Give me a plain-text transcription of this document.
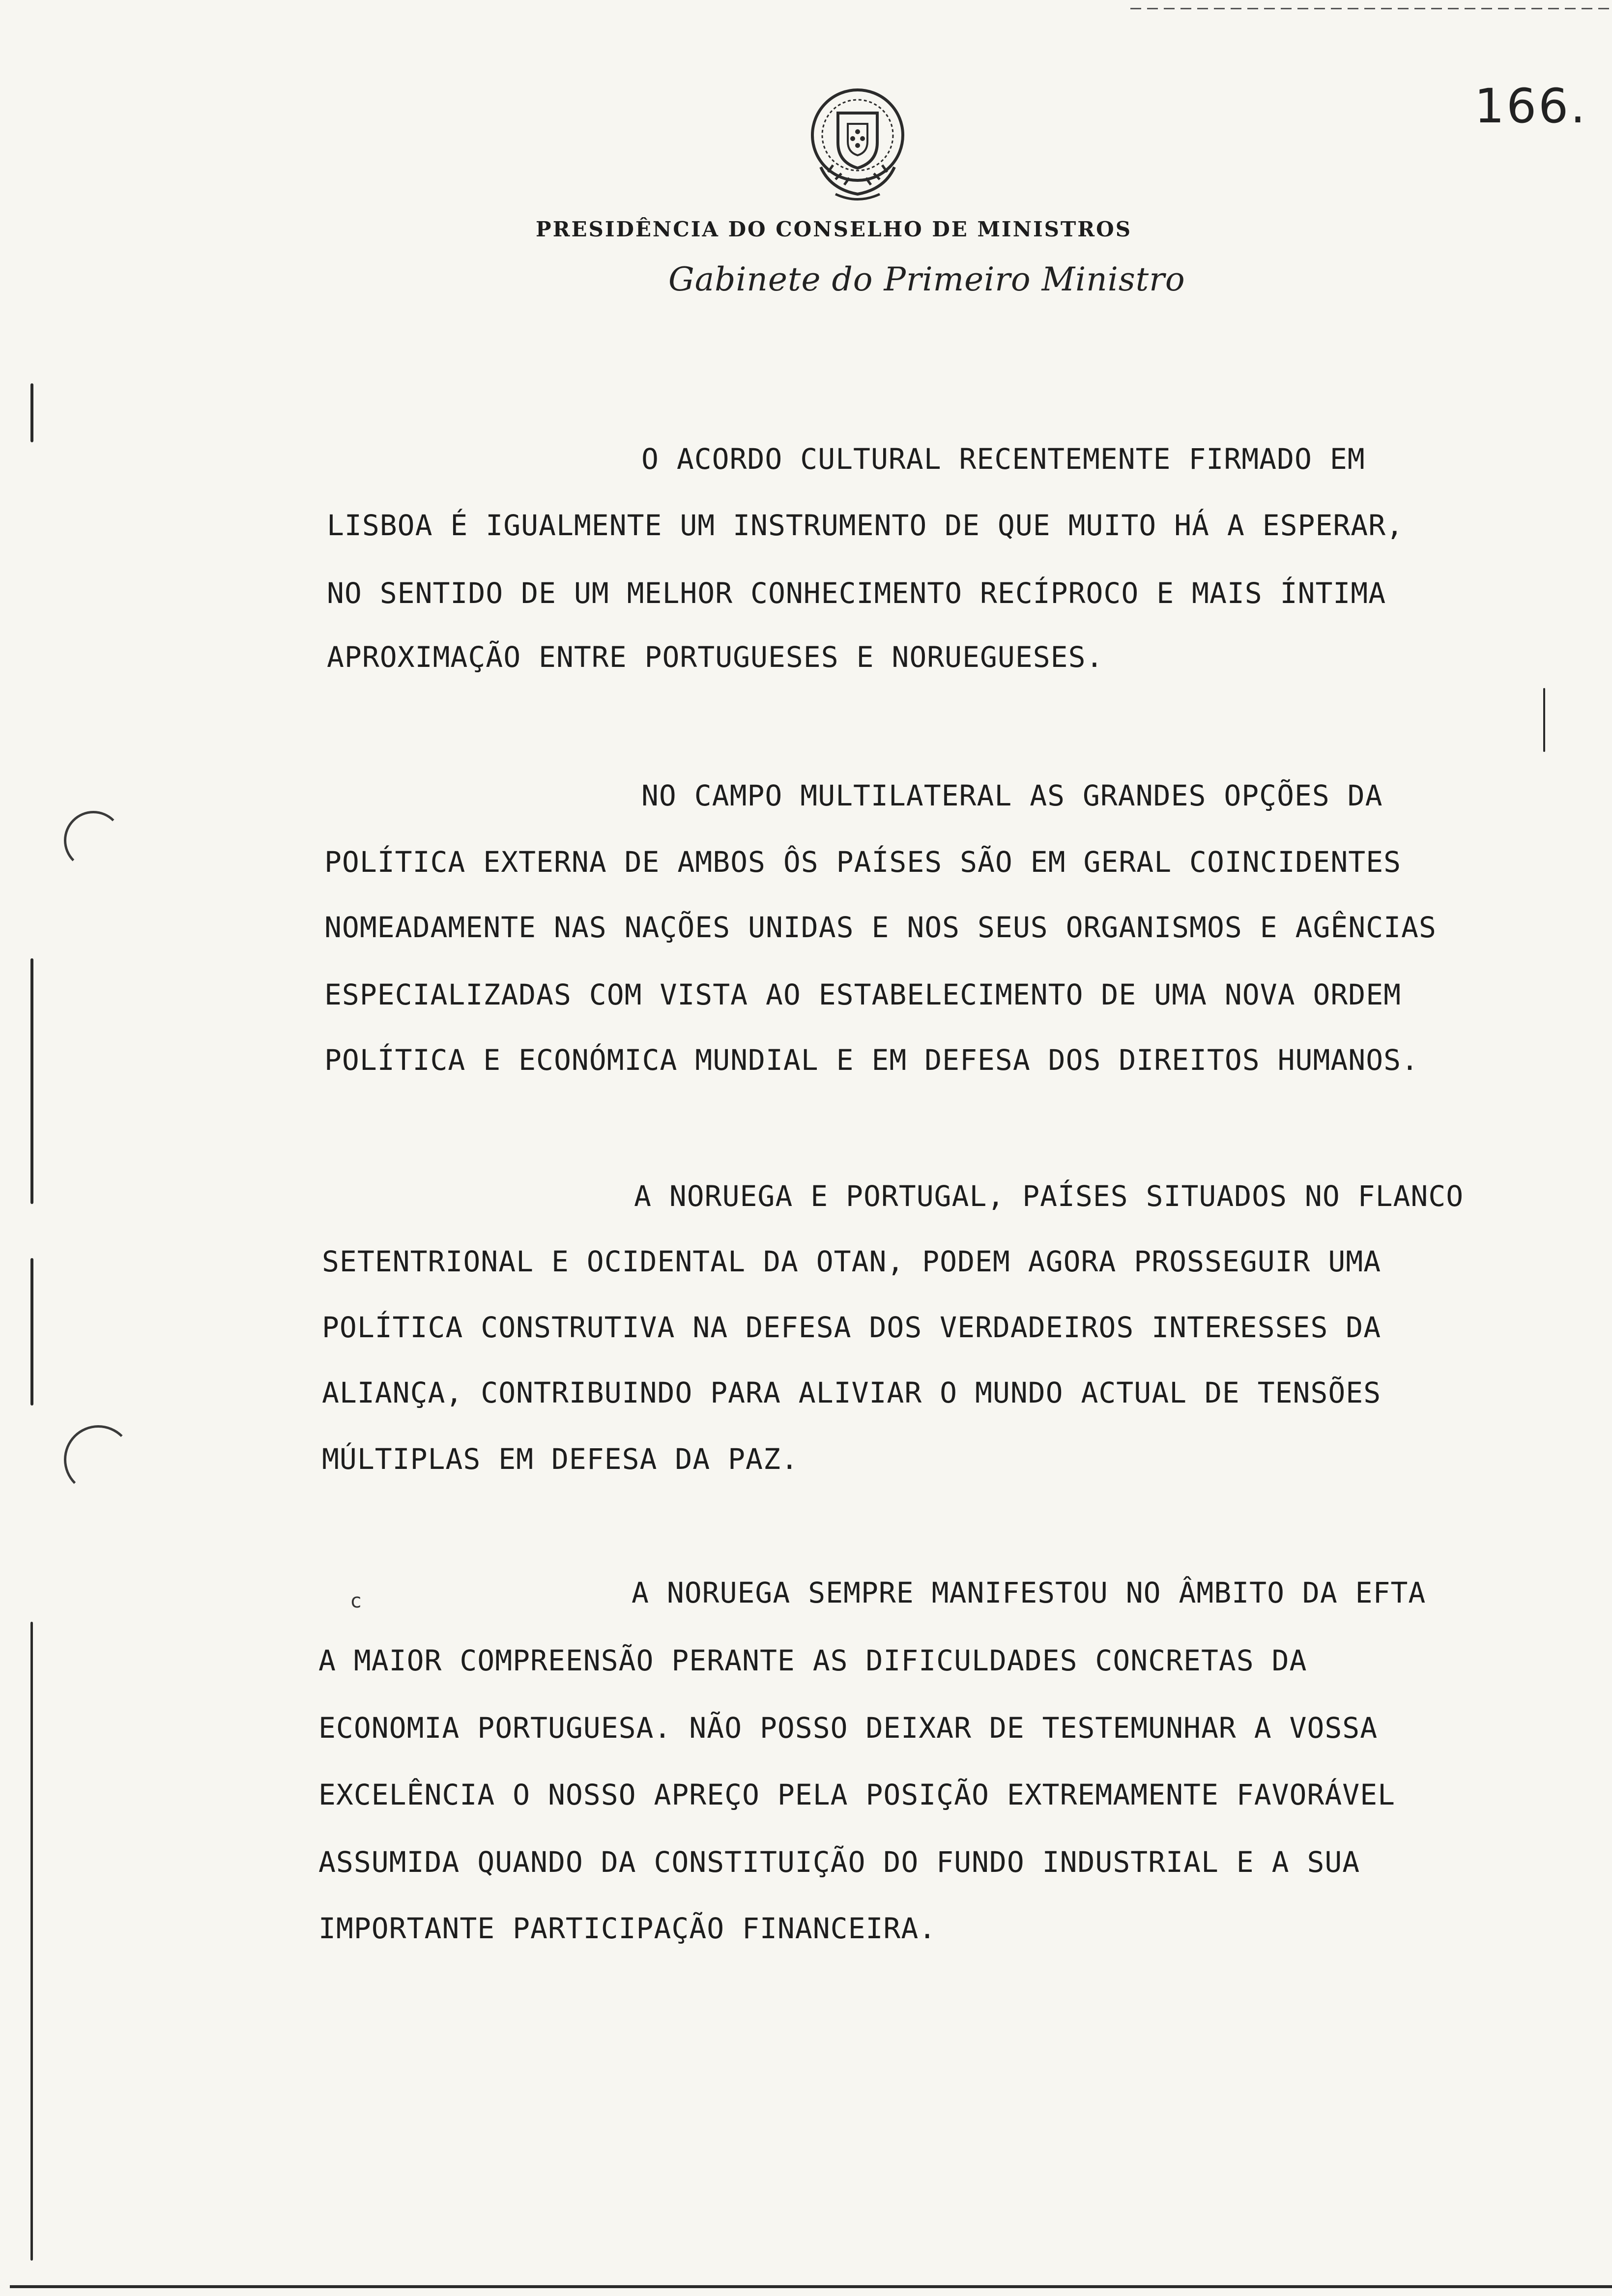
166.
PRESIDÊNCIA DO CONSELHO DE MINISTROS
Gabinete do Primeiro Ministro
O ACORDO CULTURAL RECENTEMENTE FIRMADO EM
LISBOA É IGUALMENTE UM INSTRUMENTO DE QUE MUITO HÁ A ESPERAR,
NO SENTIDO DE UM MELHOR CONHECIMENTO RECÍPROCO E MAIS ÍNTIMA
APROXIMAÇÃO ENTRE PORTUGUESES E NORUEGUESES.
NO CAMPO MULTILATERAL AS GRANDES OPÇÕES DA
POLÍTICA EXTERNA DE AMBOS ÔS PAÍSES SÃO EM GERAL COINCIDENTES
NOMEADAMENTE NAS NAÇÕES UNIDAS E NOS SEUS ORGANISMOS E AGÊNCIAS
ESPECIALIZADAS COM VISTA AO ESTABELECIMENTO DE UMA NOVA ORDEM
POLÍTICA E ECONÓMICA MUNDIAL E EM DEFESA DOS DIREITOS HUMANOS.
A NORUEGA E PORTUGAL, PAÍSES SITUADOS NO FLANCO
SETENTRIONAL E OCIDENTAL DA OTAN, PODEM AGORA PROSSEGUIR UMA
POLÍTICA CONSTRUTIVA NA DEFESA DOS VERDADEIROS INTERESSES DA
ALIANÇA, CONTRIBUINDO PARA ALIVIAR O MUNDO ACTUAL DE TENSÕES
MÚLTIPLAS EM DEFESA DA PAZ.
c	A NORUEGA SEMPRE MANIFESTOU NO ÂMBITO DA EFTA
A MAIOR COMPREENSÃO PERANTE AS DIFICULDADES CONCRETAS DA
ECONOMIA PORTUGUESA. NÃO POSSO DEIXAR DE TESTEMUNHAR A VOSSA
EXCELÊNCIA O NOSSO APREÇO PELA POSIÇÃO EXTREMAMENTE FAVORÁVEL
ASSUMIDA QUANDO DA CONSTITUIÇÃO DO FUNDO INDUSTRIAL E A SUA
IMPORTANTE PARTICIPAÇÃO FINANCEIRA.
